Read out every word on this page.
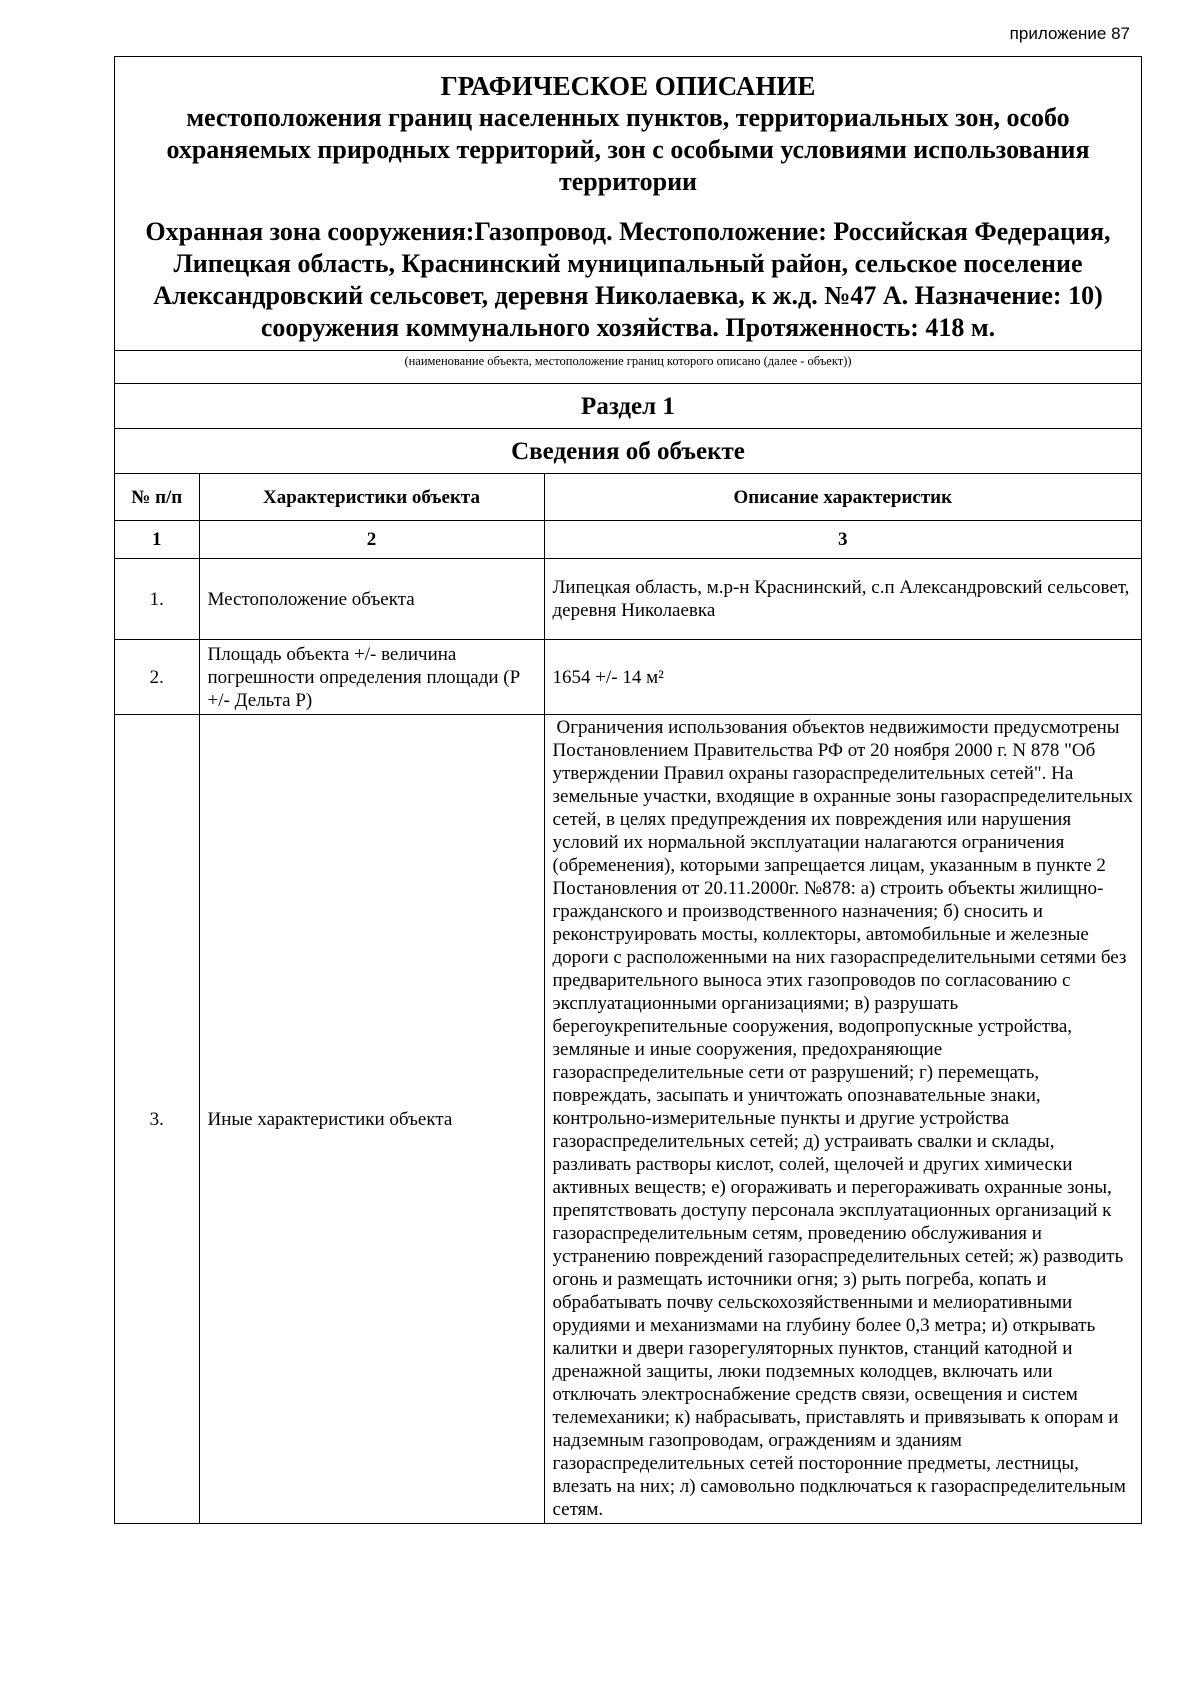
приложение 87

ГРАФИЧЕСКОЕ ОПИСАНИЕ

местоположения границ населенных пунктов, территориальных зон, особо охраняемых природных территорий, зон с особыми условиями использования территории

Охранная зона сооружения:Газопровод. Местоположение: Российская Федерация, Липецкая область, Краснинский муниципальный район, сельское поселение Александровский сельсовет, деревня Николаевка, к ж.д. №47 А. Назначение: 10) сооружения коммунального хозяйства. Протяженность: 418 м.

(наименование объекта, местоположение границ которого описано (далее - объект))
Раздел 1
Сведения об объекте
№ п/п	Характеристики объекта	Описание характеристик
1	2	3
1.	Местоположение объекта	Липецкая область, м.р-н Краснинский, с.п Александровский сельсовет, деревня Николаевка
2.	Площадь объекта +/- величина погрешности определения площади (P +/- Дельта P)	1654 +/- 14 м²
3.	Иные характеристики объекта	Ограничения использования объектов недвижимости предусмотрены Постановлением Правительства РФ от 20 ноября 2000 г. N 878 "Об утверждении Правил охраны газораспределительных сетей". На земельные участки, входящие в охранные зоны газораспределительных сетей, в целях предупреждения их повреждения или нарушения условий их нормальной эксплуатации налагаются ограничения (обременения), которыми запрещается лицам, указанным в пункте 2 Постановления от 20.11.2000г. №878: а) строить объекты жилищно-гражданского и производственного назначения; б) сносить и реконструировать мосты, коллекторы, автомобильные и железные дороги с расположенными на них газораспределительными сетями без предварительного выноса этих газопроводов по согласованию с эксплуатационными организациями; в) разрушать берегоукрепительные сооружения, водопропускные устройства, земляные и иные сооружения, предохраняющие газораспределительные сети от разрушений; г) перемещать, повреждать, засыпать и уничтожать опознавательные знаки, контрольно-измерительные пункты и другие устройства газораспределительных сетей; д) устраивать свалки и склады, разливать растворы кислот, солей, щелочей и других химически активных веществ; е) огораживать и перегораживать охранные зоны, препятствовать доступу персонала эксплуатационных организаций к газораспределительным сетям, проведению обслуживания и устранению повреждений газораспределительных сетей; ж) разводить огонь и размещать источники огня; з) рыть погреба, копать и обрабатывать почву сельскохозяйственными и мелиоративными орудиями и механизмами на глубину более 0,3 метра; и) открывать калитки и двери газорегуляторных пунктов, станций катодной и дренажной защиты, люки подземных колодцев, включать или отключать электроснабжение средств связи, освещения и систем телемеханики; к) набрасывать, приставлять и привязывать к опорам и надземным газопроводам, ограждениям и зданиям газораспределительных сетей посторонние предметы, лестницы, влезать на них; л) самовольно подключаться к газораспределительным сетям.
